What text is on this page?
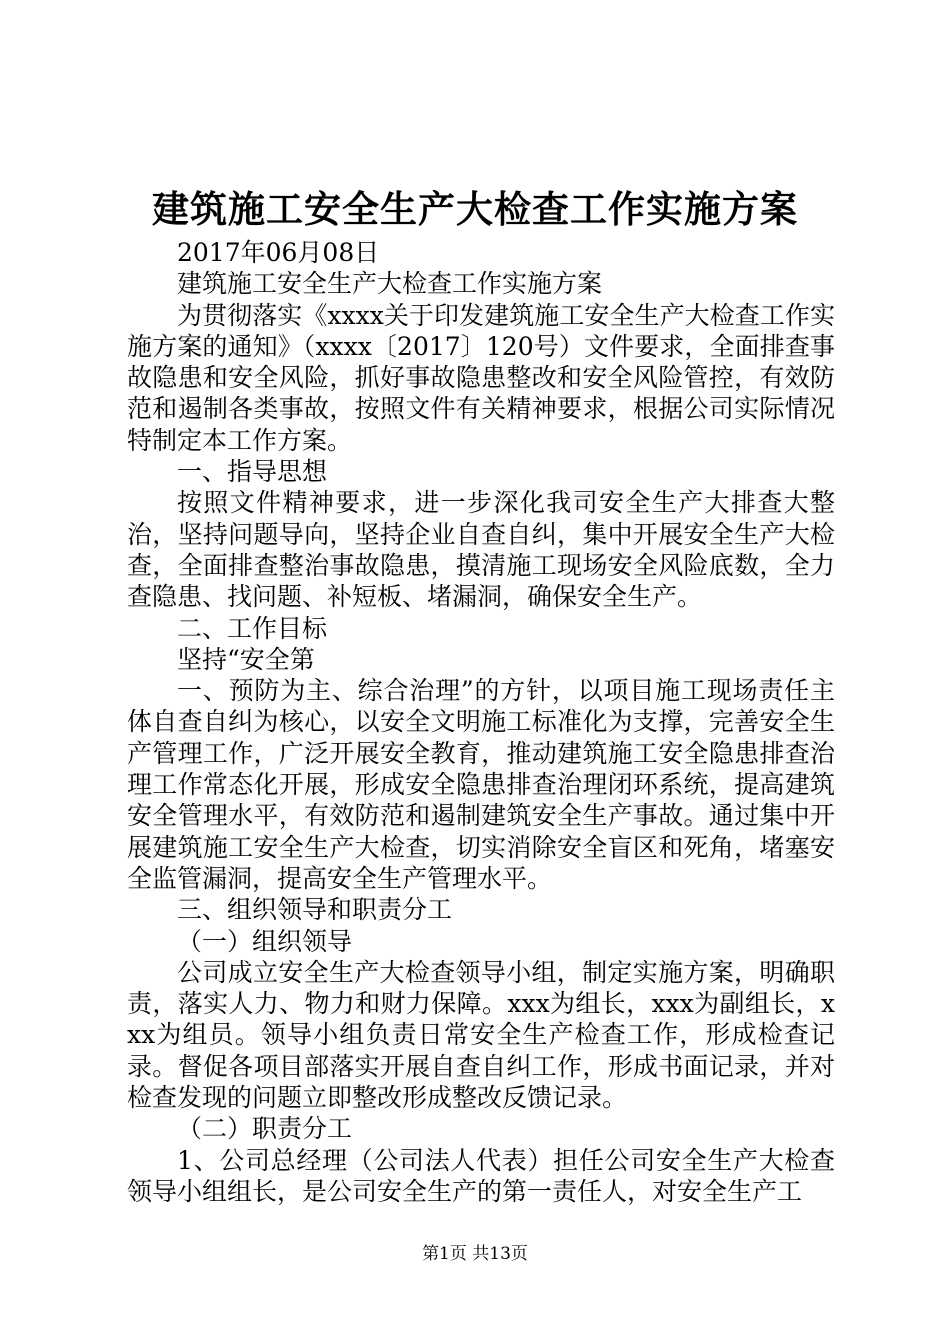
建筑施工安全生产大检查工作实施方案

2017年06月08日

建筑施工安全生产大检查工作实施方案

为贯彻落实《xxxx关于印发建筑施工安全生产大检查工作实施方案的通知》（xxxx〔2017〕120号）文件要求，全面排查事故隐患和安全风险，抓好事故隐患整改和安全风险管控，有效防范和遏制各类事故，按照文件有关精神要求，根据公司实际情况特制定本工作方案。

一、指导思想

按照文件精神要求，进一步深化我司安全生产大排查大整治，坚持问题导向，坚持企业自查自纠，集中开展安全生产大检查，全面排查整治事故隐患，摸清施工现场安全风险底数，全力查隐患、找问题、补短板、堵漏洞，确保安全生产。

二、工作目标

坚持“安全第

一、预防为主、综合治理”的方针，以项目施工现场责任主体自查自纠为核心，以安全文明施工标准化为支撑，完善安全生产管理工作，广泛开展安全教育，推动建筑施工安全隐患排查治理工作常态化开展，形成安全隐患排查治理闭环系统，提高建筑安全管理水平，有效防范和遏制建筑安全生产事故。通过集中开展建筑施工安全生产大检查，切实消除安全盲区和死角，堵塞安全监管漏洞，提高安全生产管理水平。

三、组织领导和职责分工

（一）组织领导

公司成立安全生产大检查领导小组，制定实施方案，明确职责，落实人力、物力和财力保障。xxx为组长，xxx为副组长，xxx为组员。领导小组负责日常安全生产检查工作，形成检查记录。督促各项目部落实开展自查自纠工作，形成书面记录，并对检查发现的问题立即整改形成整改反馈记录。

（二）职责分工

1、公司总经理（公司法人代表）担任公司安全生产大检查领导小组组长，是公司安全生产的第一责任人，对安全生产工

第1页 共13页
